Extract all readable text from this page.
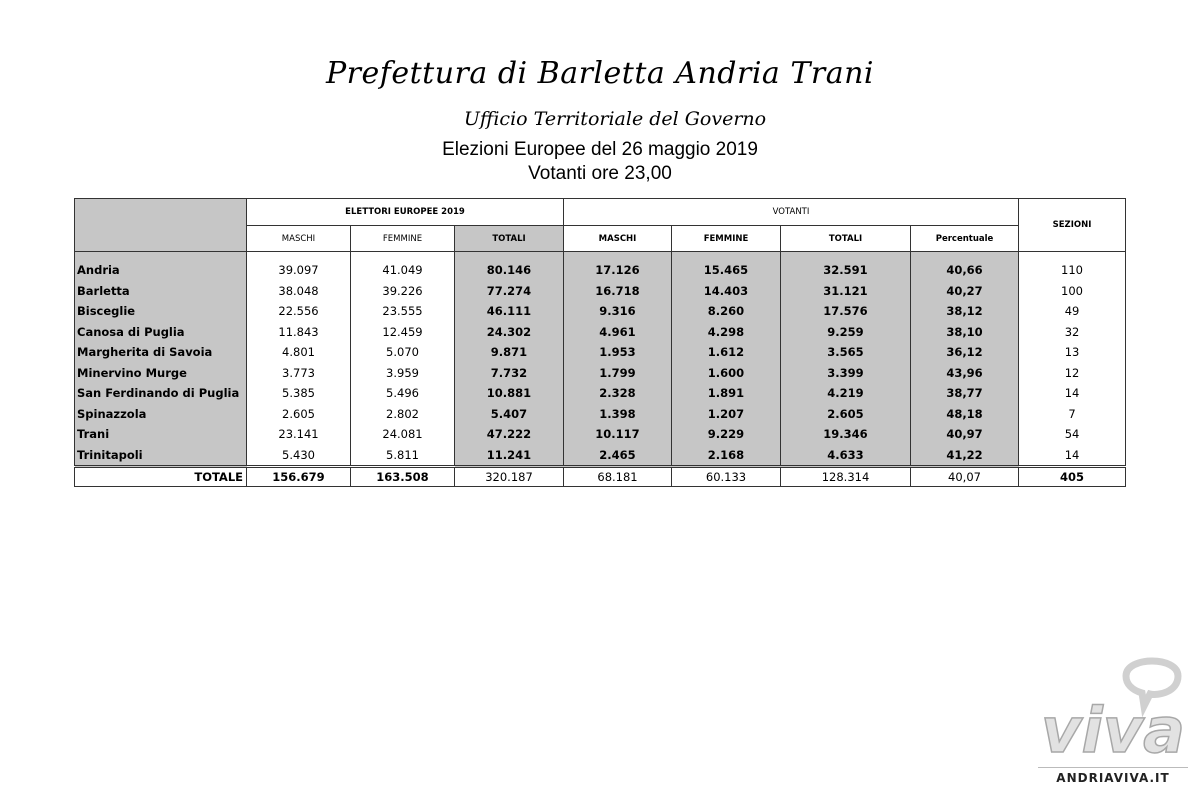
Prefettura di Barletta Andria Trani
Ufficio Territoriale del Governo
Elezioni Europee del 26 maggio 2019
Votanti ore 23,00
	ELETTORI EUROPEE 2019			VOTANTI				SEZIONI
	MASCHI	FEMMINE	TOTALI	MASCHI	FEMMINE	TOTALI	Percentuale	

Andria	39.097	41.049	80.146	17.126	15.465	32.591	40,66	110
Barletta	38.048	39.226	77.274	16.718	14.403	31.121	40,27	100
Bisceglie	22.556	23.555	46.111	9.316	8.260	17.576	38,12	49
Canosa di Puglia	11.843	12.459	24.302	4.961	4.298	9.259	38,10	32
Margherita di Savoia	4.801	5.070	9.871	1.953	1.612	3.565	36,12	13
Minervino Murge	3.773	3.959	7.732	1.799	1.600	3.399	43,96	12
San Ferdinando di Puglia	5.385	5.496	10.881	2.328	1.891	4.219	38,77	14
Spinazzola	2.605	2.802	5.407	1.398	1.207	2.605	48,18	7
Trani	23.141	24.081	47.222	10.117	9.229	19.346	40,97	54
Trinitapoli	5.430	5.811	11.241	2.465	2.168	4.633	41,22	14
TOTALE	156.679	163.508	320.187	68.181	60.133	128.314	40,07	405
viva
ANDRIAVIVA.IT
